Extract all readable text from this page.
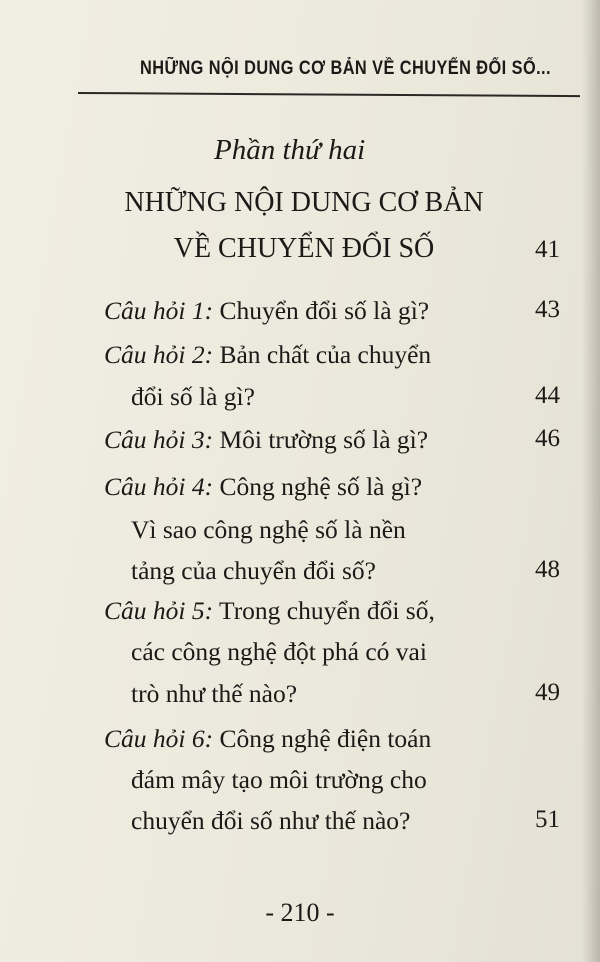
NHỮNG NỘI DUNG CƠ BẢN VỀ CHUYỂN ĐỔI SỐ...
Phần thứ hai
NHỮNG NỘI DUNG CƠ BẢN
VỀ CHUYỂN ĐỔI SỐ	41
Câu hỏi 1: Chuyển đổi số là gì?	43
Câu hỏi 2: Bản chất của chuyển
đổi số là gì?	44
Câu hỏi 3: Môi trường số là gì?	46
Câu hỏi 4: Công nghệ số là gì?
Vì sao công nghệ số là nền
tảng của chuyển đổi số?	48
Câu hỏi 5: Trong chuyển đổi số,
các công nghệ đột phá có vai
trò như thế nào?	49
Câu hỏi 6: Công nghệ điện toán
đám mây tạo môi trường cho
chuyển đổi số như thế nào?	51
- 210 -
